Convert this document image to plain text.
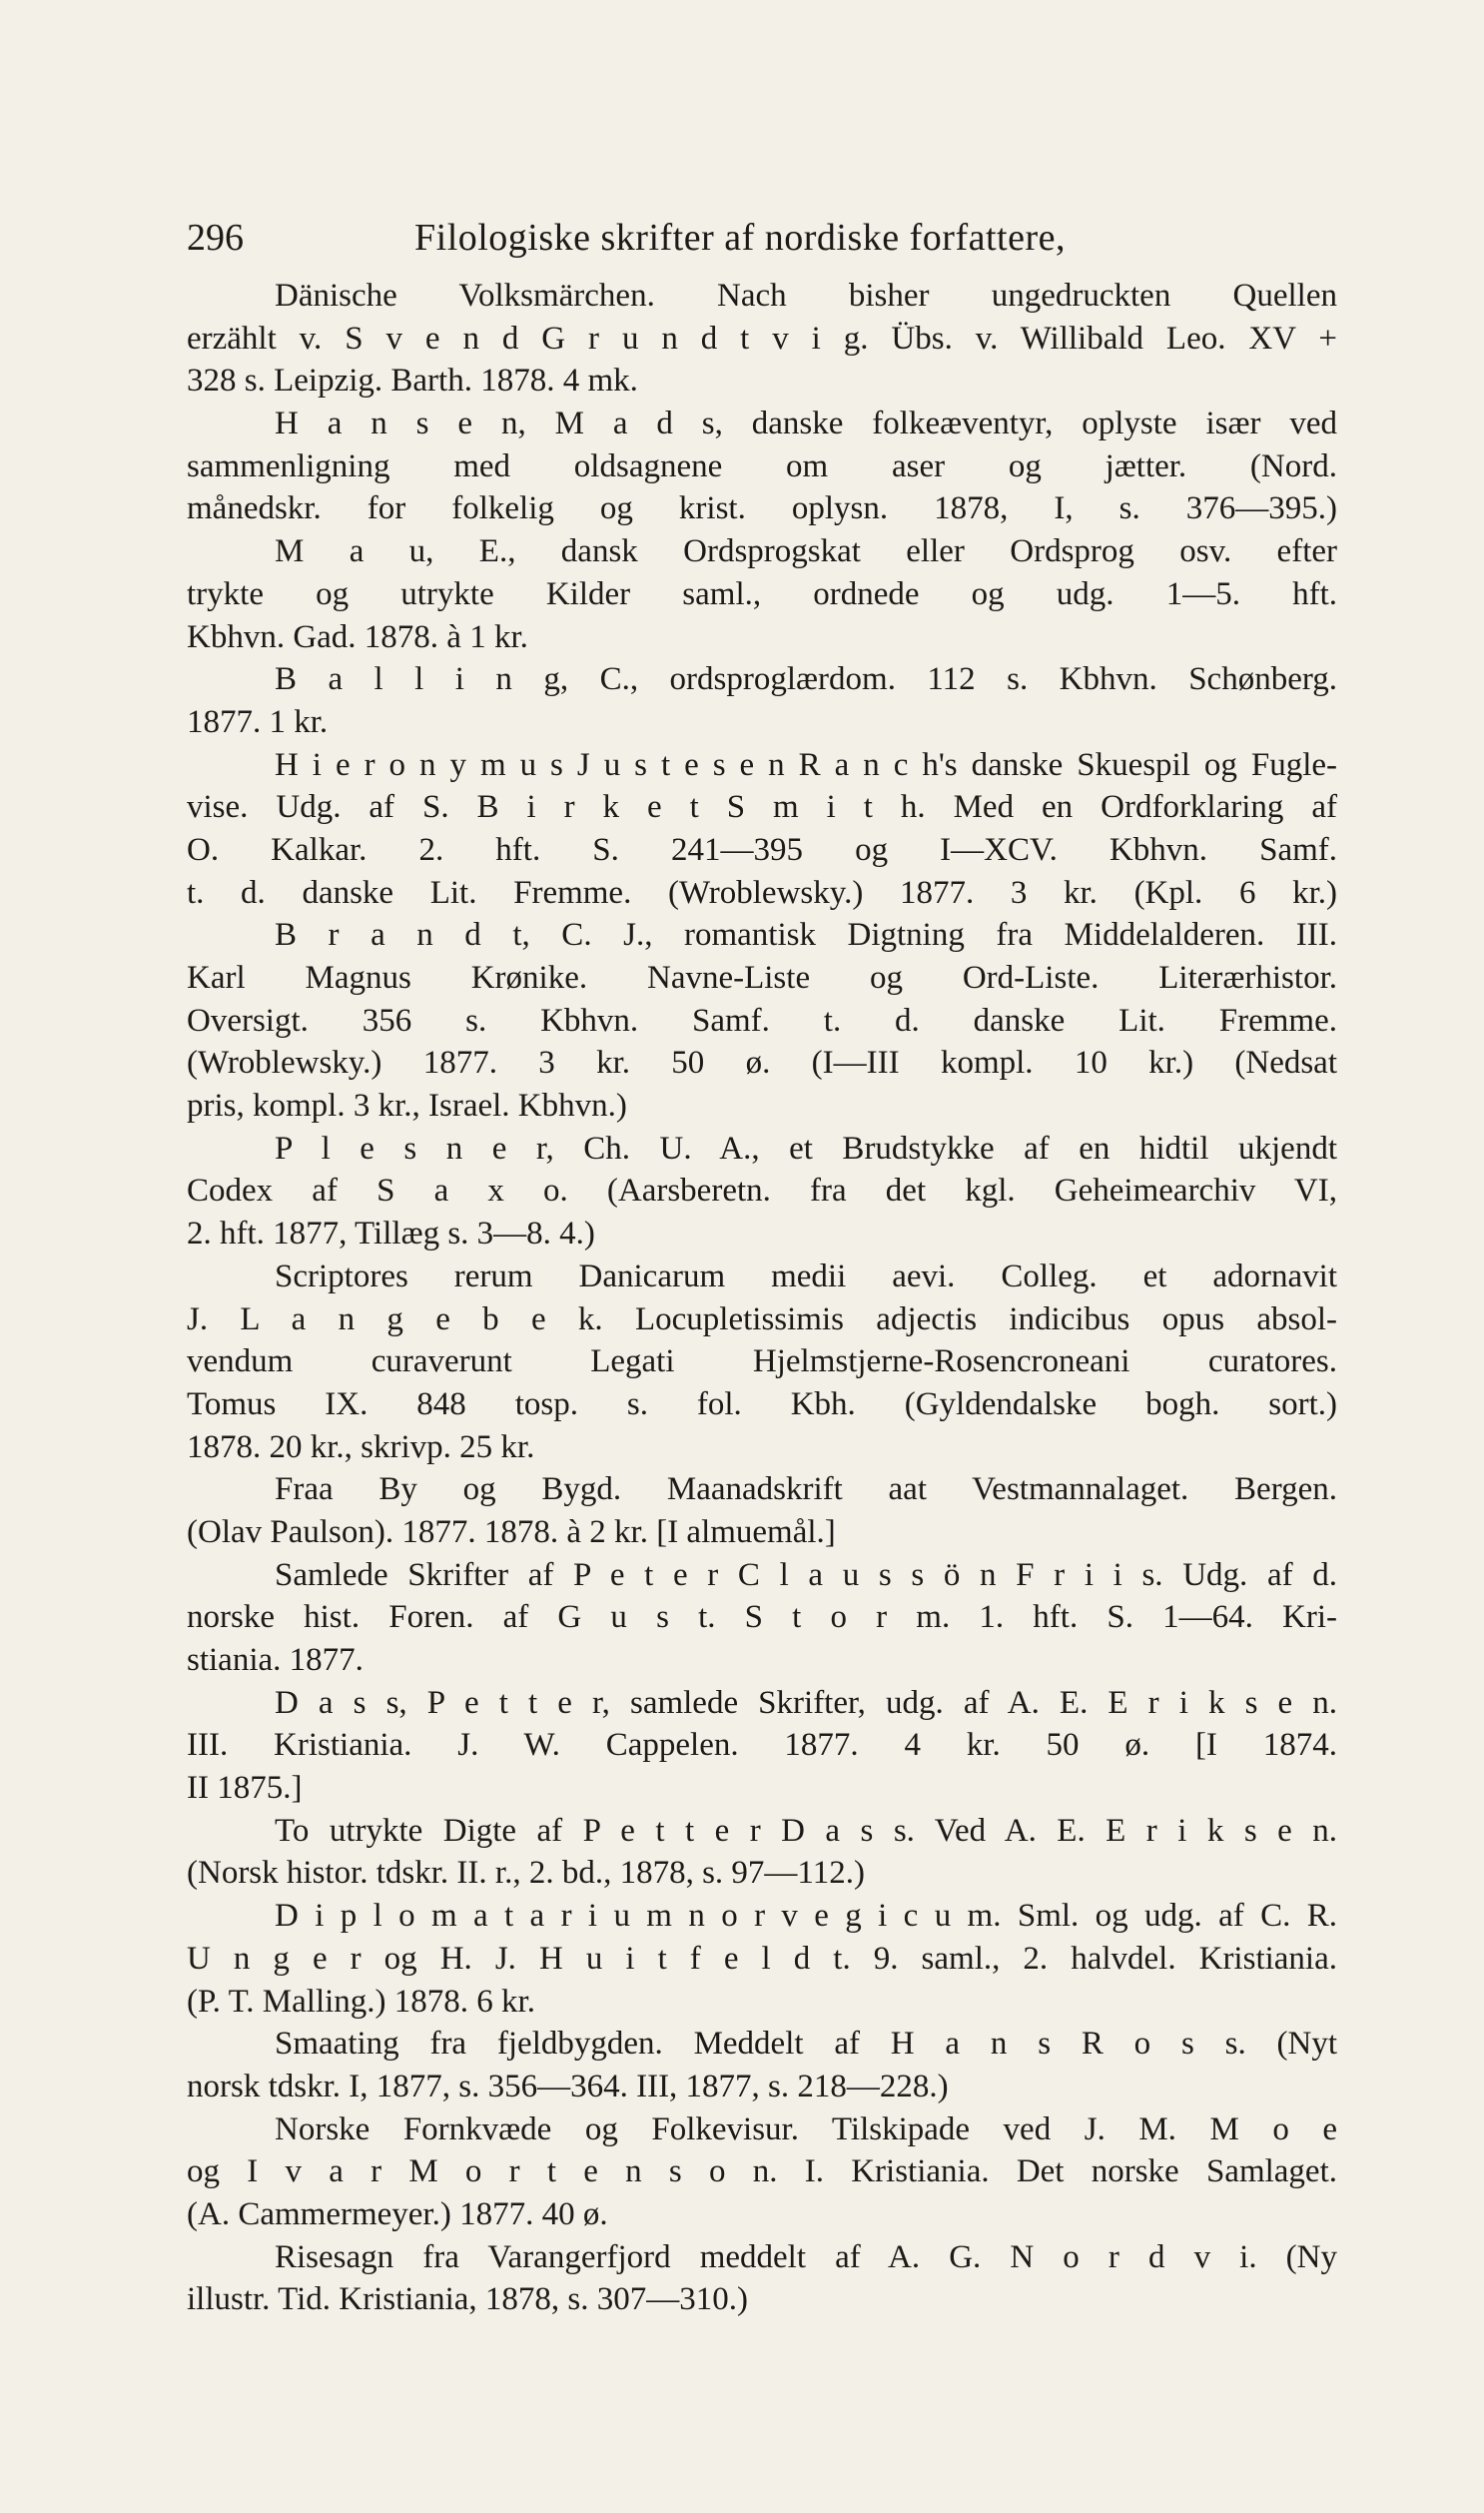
296	Filologiske skrifter af nordiske forfattere,
Dänische Volksmärchen. Nach bisher ungedruckten Quellen
erzählt v. S v e n d G r u n d t v i g. Übs. v. Willibald Leo. XV +
328 s. Leipzig. Barth. 1878. 4 mk.
H a n s e n, M a d s, danske folkeæventyr, oplyste især ved
sammenligning med oldsagnene om aser og jætter. (Nord.
månedskr. for folkelig og krist. oplysn. 1878, I, s. 376—395.)
M a u, E., dansk Ordsprogskat eller Ordsprog osv. efter
trykte og utrykte Kilder saml., ordnede og udg. 1—5. hft.
Kbhvn. Gad. 1878. à 1 kr.
B a l l i n g, C., ordsproglærdom. 112 s. Kbhvn. Schønberg.
1877. 1 kr.
H i e r o n y m u s J u s t e s e n R a n c h's danske Skuespil og Fugle-
vise. Udg. af S. B i r k e t S m i t h. Med en Ordforklaring af
O. Kalkar. 2. hft. S. 241—395 og I—XCV. Kbhvn. Samf.
t. d. danske Lit. Fremme. (Wroblewsky.) 1877. 3 kr. (Kpl. 6 kr.)
B r a n d t, C. J., romantisk Digtning fra Middelalderen. III.
Karl Magnus Krønike. Navne-Liste og Ord-Liste. Literærhistor.
Oversigt. 356 s. Kbhvn. Samf. t. d. danske Lit. Fremme.
(Wroblewsky.) 1877. 3 kr. 50 ø. (I—III kompl. 10 kr.) (Nedsat
pris, kompl. 3 kr., Israel. Kbhvn.)
P l e s n e r, Ch. U. A., et Brudstykke af en hidtil ukjendt
Codex af S a x o. (Aarsberetn. fra det kgl. Geheimearchiv VI,
2. hft. 1877, Tillæg s. 3—8. 4.)
Scriptores rerum Danicarum medii aevi. Colleg. et adornavit
J. L a n g e b e k. Locupletissimis adjectis indicibus opus absol-
vendum curaverunt Legati Hjelmstjerne-Rosencroneani curatores.
Tomus IX. 848 tosp. s. fol. Kbh. (Gyldendalske bogh. sort.)
1878. 20 kr., skrivp. 25 kr.
Fraa By og Bygd. Maanadskrift aat Vestmannalaget. Bergen.
(Olav Paulson). 1877. 1878. à 2 kr. [I almuemål.]
Samlede Skrifter af P e t e r C l a u s s ö n F r i i s. Udg. af d.
norske hist. Foren. af G u s t. S t o r m. 1. hft. S. 1—64. Kri-
stiania. 1877.
D a s s, P e t t e r, samlede Skrifter, udg. af A. E. E r i k s e n.
III. Kristiania. J. W. Cappelen. 1877. 4 kr. 50 ø. [I 1874.
II 1875.]
To utrykte Digte af P e t t e r D a s s. Ved A. E. E r i k s e n.
(Norsk histor. tdskr. II. r., 2. bd., 1878, s. 97—112.)
D i p l o m a t a r i u m n o r v e g i c u m. Sml. og udg. af C. R.
U n g e r og H. J. H u i t f e l d t. 9. saml., 2. halvdel. Kristiania.
(P. T. Malling.) 1878. 6 kr.
Smaating fra fjeldbygden. Meddelt af H a n s R o s s. (Nyt
norsk tdskr. I, 1877, s. 356—364. III, 1877, s. 218—228.)
Norske Fornkvæde og Folkevisur. Tilskipade ved J. M. M o e
og I v a r M o r t e n s o n. I. Kristiania. Det norske Samlaget.
(A. Cammermeyer.) 1877. 40 ø.
Risesagn fra Varangerfjord meddelt af A. G. N o r d v i. (Ny
illustr. Tid. Kristiania, 1878, s. 307—310.)
